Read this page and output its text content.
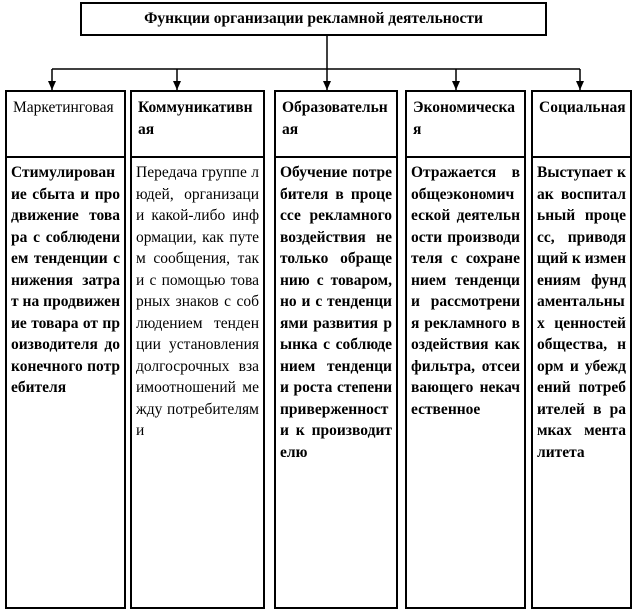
Функции организации рекламной деятельности
Маркетинговая
Стимулирование сбыта и продвижение товара с соблюдением тенденции снижения затрат на продвижение товара от производителя до конечного потребителя
Коммуникативная
Передача группе людей, организации какой-либо информации, как путем сообщения, так и с помощью товарных знаков с соблюдением тенденции установления долгосрочных взаимоотношений между потребителями
Образовательная
Обучение потребителя в процессе рекламного воздействия не только обращению с товаром, но и с тенденциями развития рынка с соблюдением тенденции роста степени приверженности к производителю
Экономическая
Отражается в общеэкономической деятельности производителя с сохранением тенденции рассмотрения рекламного воздействия как фильтра, отсеивающего некачественное
Социальная
Выступает как воспитальный процесс, приводящий к изменениям фундаментальных ценностей общества, норм и убеждений потребителей в рамках менталитета
